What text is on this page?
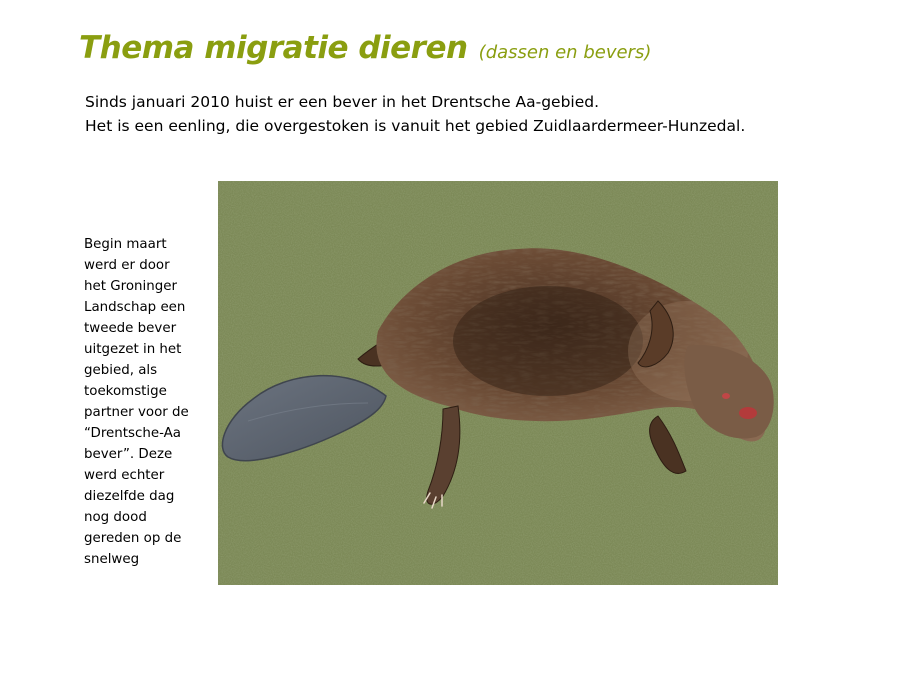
Thema migratie dieren (dassen en bevers)
Sinds januari 2010 huist er een bever in het Drentsche Aa-gebied.
Het is een eenling, die overgestoken is vanuit het gebied Zuidlaardermeer-Hunzedal.
Begin maart
werd er door
het Groninger
Landschap een
tweede bever
uitgezet in het
gebied, als
toekomstige
partner voor de
“Drentsche-Aa
bever”. Deze
werd echter
diezelfde dag
nog dood
gereden op de
snelweg
